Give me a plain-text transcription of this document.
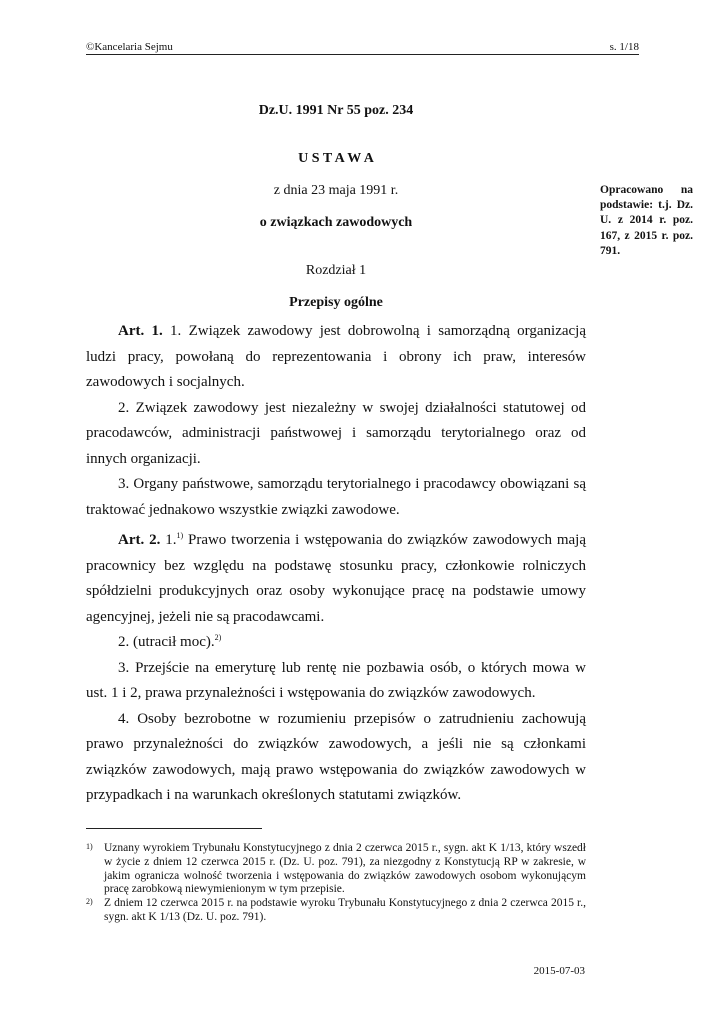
©Kancelaria Sejmu	s. 1/18
Dz.U. 1991 Nr 55 poz. 234
U S T A W A
z dnia 23 maja 1991 r.
o związkach zawodowych
Rozdział 1
Przepisy ogólne
Opracowano na podstawie: t.j. Dz. U. z 2014 r. poz. 167, z 2015 r. poz. 791.

Art. 1. 1. Związek zawodowy jest dobrowolną i samorządną organizacją ludzi pracy, powołaną do reprezentowania i obrony ich praw, interesów zawodowych i socjalnych.

2. Związek zawodowy jest niezależny w swojej działalności statutowej od pracodawców, administracji państwowej i samorządu terytorialnego oraz od innych organizacji.

3. Organy państwowe, samorządu terytorialnego i pracodawcy obowiązani są traktować jednakowo wszystkie związki zawodowe.

Art. 2. 1.$^{1)}$ Prawo tworzenia i wstępowania do związków zawodowych mają pracownicy bez względu na podstawę stosunku pracy, członkowie rolniczych spółdzielni produkcyjnych oraz osoby wykonujące pracę na podstawie umowy agencyjnej, jeżeli nie są pracodawcami.

2. (utracił moc).$^{2)}$

3. Przejście na emeryturę lub rentę nie pozbawia osób, o których mowa w ust. 1 i 2, prawa przynależności i wstępowania do związków zawodowych.

4. Osoby bezrobotne w rozumieniu przepisów o zatrudnieniu zachowują prawo przynależności do związków zawodowych, a jeśli nie są członkami związków zawodowych, mają prawo wstępowania do związków zawodowych w przypadkach i na warunkach określonych statutami związków.

1) Uznany wyrokiem Trybunału Konstytucyjnego z dnia 2 czerwca 2015 r., sygn. akt K 1/13, który wszedł w życie z dniem 12 czerwca 2015 r. (Dz. U. poz. 791), za niezgodny z Konstytucją RP w zakresie, w jakim ogranicza wolność tworzenia i wstępowania do związków zawodowych osobom wykonującym pracę zarobkową niewymienionym w tym przepisie.
2) Z dniem 12 czerwca 2015 r. na podstawie wyroku Trybunału Konstytucyjnego z dnia 2 czerwca 2015 r., sygn. akt K 1/13 (Dz. U. poz. 791).
2015-07-03
